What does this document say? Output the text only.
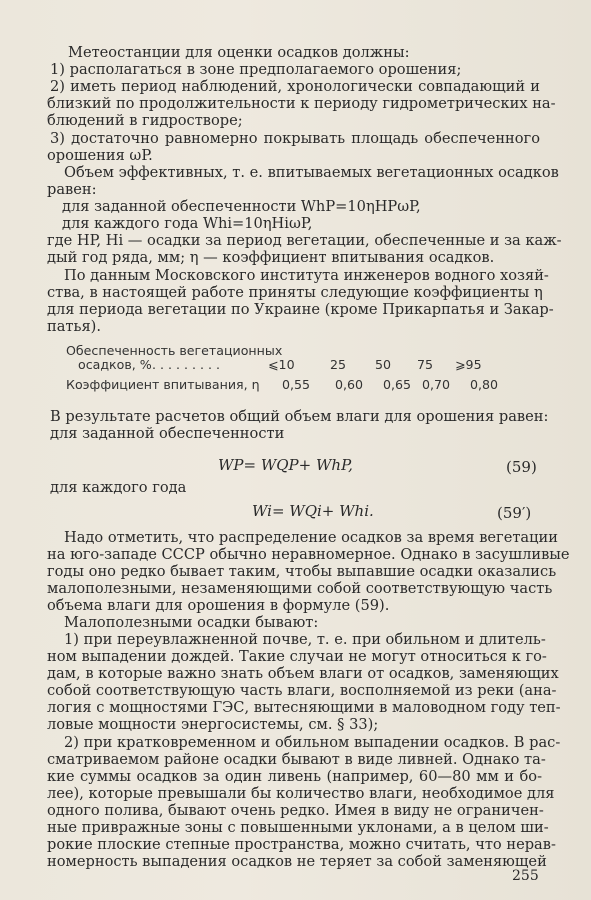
Метеостанции для оценки осадков должны:
1) располагаться в зоне предполагаемого орошения;
2) иметь период наблюдений, хронологически совпадающий и
близкий по продолжительности к периоду гидрометрических на-
блюдений в гидростворе;
3) достаточно равномерно покрывать площадь обеспеченного
орошения ωP.
Объем эффективных, т. е. впитываемых вегетационных осадков
равен:
для заданной обеспеченности WhP=10ηHPωP,
для каждого года Whi=10ηHiωP,
где HP, Hi — осадки за период вегетации, обеспеченные и за каж-
дый год ряда, мм; η — коэффициент впитывания осадков.
По данным Московского института инженеров водного хозяй-
ства, в настоящей работе приняты следующие коэффициенты η
для периода вегетации по Украине (кроме Прикарпатья и Закар-
патья).
Обеспеченность вегетационных
осадков, % . . . . . . . . .	⩽10	25 50 75 ⩾95
Коэффициент впитывания, η 0,55 0,60 0,65 0,70 0,80
В результате расчетов общий объем влаги для орошения равен:
для заданной обеспеченности
WP= WQP+ WhP,	(59)
для каждого года
Wi= WQi+ Whi.	(59′)
Надо отметить, что распределение осадков за время вегетации
на юго-западе СССР обычно неравномерное. Однако в засушливые
годы оно редко бывает таким, чтобы выпавшие осадки оказались
малополезными, незаменяющими собой соответствующую часть
объема влаги для орошения в формуле (59).
Малополезными осадки бывают:
1) при переувлажненной почве, т. е. при обильном и длитель-
ном выпадении дождей. Такие случаи не могут относиться к го-
дам, в которые важно знать объем влаги от осадков, заменяющих
собой соответствующую часть влаги, восполняемой из реки (ана-
логия с мощностями ГЭС, вытесняющими в маловодном году теп-
ловые мощности энергосистемы, см. § 33);
2) при кратковременном и обильном выпадении осадков. В рас-
сматриваемом районе осадки бывают в виде ливней. Однако та-
кие суммы осадков за один ливень (например, 60—80 мм и бо-
лее), которые превышали бы количество влаги, необходимое для
одного полива, бывают очень редко. Имея в виду не ограничен-
ные привражные зоны с повышенными уклонами, а в целом ши-
рокие плоские степные пространства, можно считать, что нерав-
номерность выпадения осадков не теряет за собой заменяющей
255
